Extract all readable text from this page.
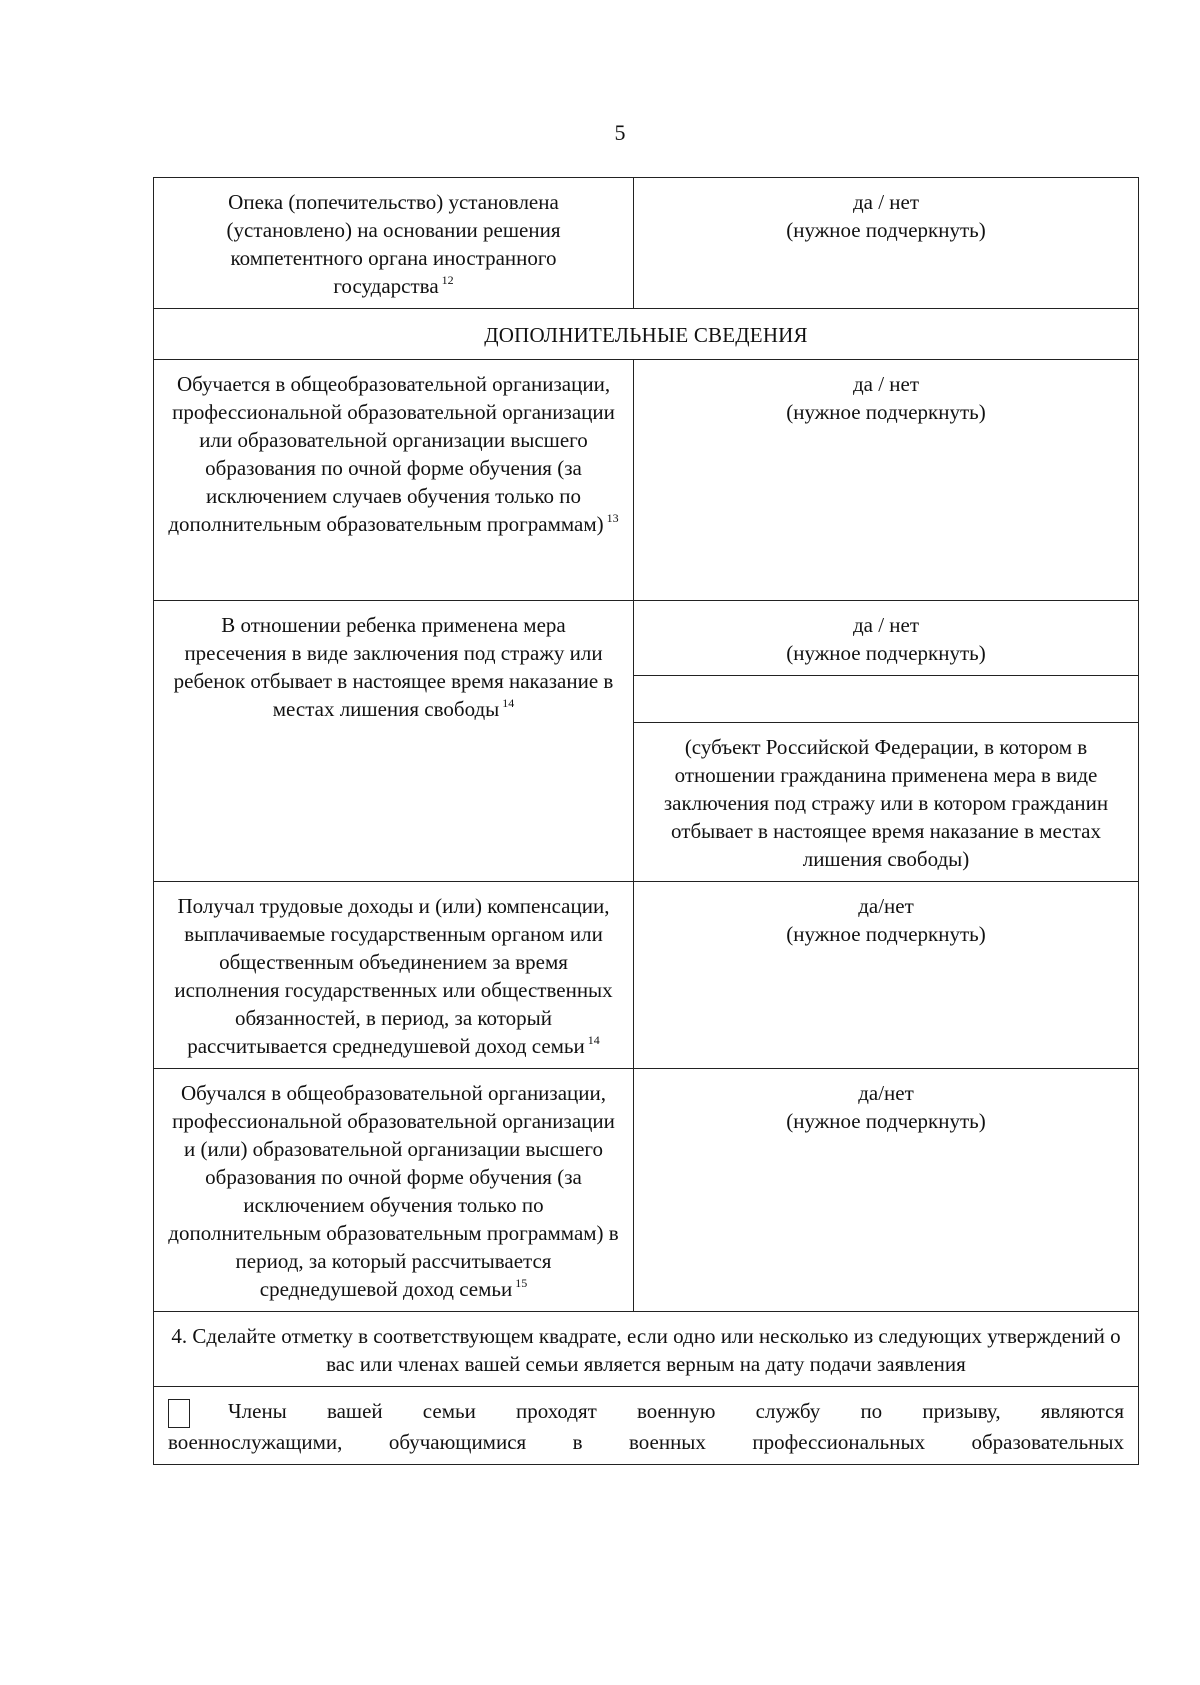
5
Опека (попечительство) установлена (установлено) на основании решения компетентного органа иностранного государства $^{12}$	да / нет
(нужное подчеркнуть)

ДОПОЛНИТЕЛЬНЫЕ СВЕДЕНИЯ	
Обучается в общеобразовательной организации, профессиональной образовательной организации или образовательной организации высшего образования по очной форме обучения (за исключением случаев обучения только по дополнительным образовательным программам) $^{13}$	да / нет
(нужное подчеркнуть)

В отношении ребенка применена мера пресечения в виде заключения под стражу или ребенок отбывает в настоящее время наказание в местах лишения свободы $^{14}$	да / нет
(нужное подчеркнуть)

	(субъект Российской Федерации, в котором в отношении гражданина применена мера в виде заключения под стражу или в котором гражданин отбывает в настоящее время наказание в местах лишения свободы)
Получал трудовые доходы и (или) компенсации, выплачиваемые государственным органом или общественным объединением за время исполнения государственных или общественных обязанностей, в период, за который рассчитывается среднедушевой доход семьи $^{14}$	да/нет
(нужное подчеркнуть)

Обучался в общеобразовательной организации, профессиональной образовательной организации и (или) образовательной организации высшего образования по очной форме обучения (за исключением обучения только по дополнительным образовательным программам) в период, за который рассчитывается среднедушевой доход семьи $^{15}$	да/нет
(нужное подчеркнуть)

4. Сделайте отметку в соответствующем квадрате, если одно или несколько из следующих утверждений о вас или членах вашей семьи является верным на дату подачи заявления	

Члены вашей семьи проходят военную службу по призыву, являются
военнослужащими, обучающимися в военных профессиональных образовательных	
